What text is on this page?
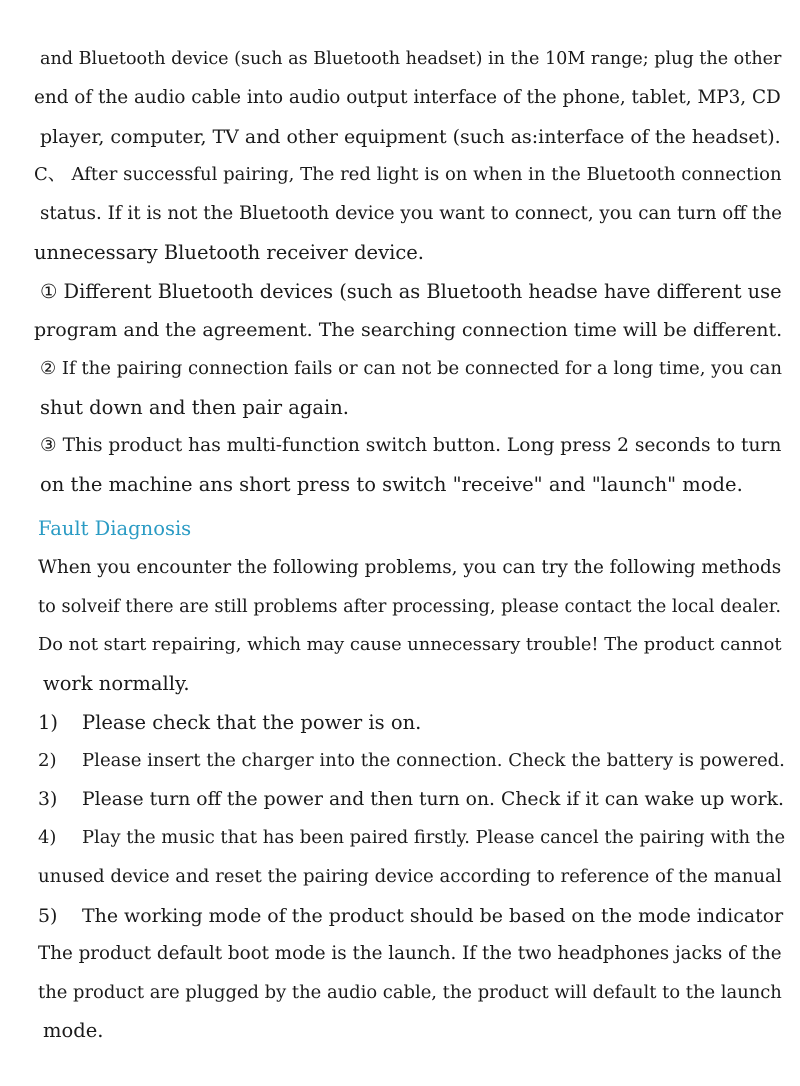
and Bluetooth device (such as Bluetooth headset) in the 10M range; plug the other
end of the audio cable into audio output interface of the phone, tablet, MP3, CD
player, computer, TV and other equipment (such as:interface of the headset).
C、 After successful pairing, The red light is on when in the Bluetooth connection
status. If it is not the Bluetooth device you want to connect, you can turn off the
unnecessary Bluetooth receiver device.
① Different Bluetooth devices (such as Bluetooth headse have different use
program and the agreement. The searching connection time will be different.
② If the pairing connection fails or can not be connected for a long time, you can
shut down and then pair again.
③ This product has multi-function switch button. Long press 2 seconds to turn
on the machine ans short press to switch "receive" and "launch" mode.
Fault Diagnosis
When you encounter the following problems, you can try the following methods
to solveif there are still problems after processing, please contact the local dealer.
Do not start repairing, which may cause unnecessary trouble! The product cannot
work normally.
1) Please check that the power is on.
2) Please insert the charger into the connection. Check the battery is powered.
3) Please turn off the power and then turn on. Check if it can wake up work.
4) Play the music that has been paired firstly. Please cancel the pairing with the
unused device and reset the pairing device according to reference of the manual
5) The working mode of the product should be based on the mode indicator
The product default boot mode is the launch. If the two headphones jacks of the
the product are plugged by the audio cable, the product will default to the launch
mode.
